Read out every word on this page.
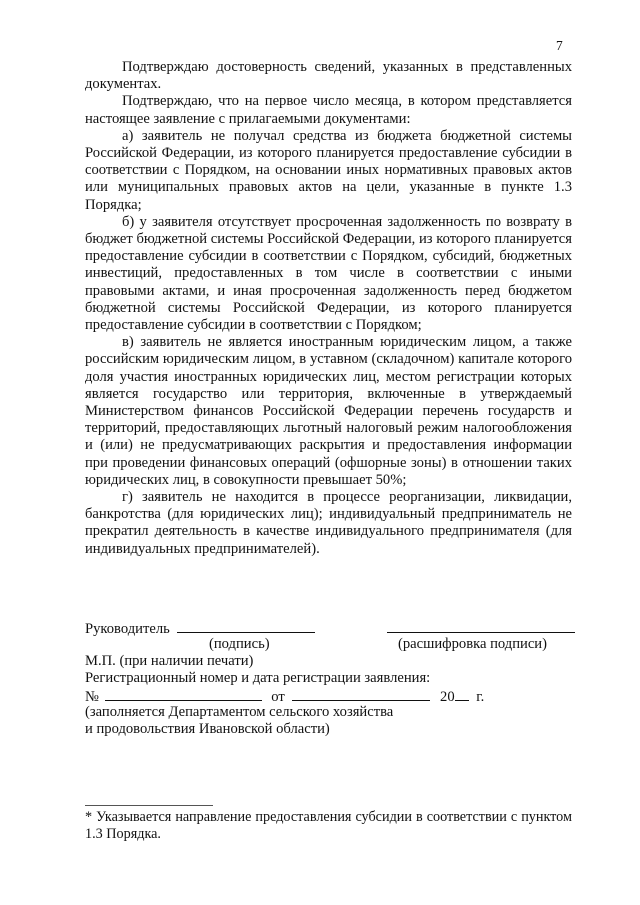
7

Подтверждаю достоверность сведений, указанных в представленных документах.

Подтверждаю, что на первое число месяца, в котором представляется настоящее заявление с прилагаемыми документами:

а) заявитель не получал средства из бюджета бюджетной системы Российской Федерации, из которого планируется предоставление субсидии в соответствии с Порядком, на основании иных нормативных правовых актов или муниципальных правовых актов на цели, указанные в пункте 1.3 Порядка;

б) у заявителя отсутствует просроченная задолженность по возврату в бюджет бюджетной системы Российской Федерации, из которого планируется предоставление субсидии в соответствии с Порядком, субсидий, бюджетных инвестиций, предоставленных в том числе в соответствии с иными правовыми актами, и иная просроченная задолженность перед бюджетом бюджетной системы Российской Федерации, из которого планируется предоставление субсидии в соответствии с Порядком;

в) заявитель не является иностранным юридическим лицом, а также российским юридическим лицом, в уставном (складочном) капитале которого доля участия иностранных юридических лиц, местом регистрации которых является государство или территория, включенные в утверждаемый Министерством финансов Российской Федерации перечень государств и территорий, предоставляющих льготный налоговый режим налогообложения и (или) не предусматривающих раскрытия и предоставления информации при проведении финансовых операций (офшорные зоны) в отношении таких юридических лиц, в совокупности превышает 50%;

г) заявитель не находится в процессе реорганизации, ликвидации, банкротства (для юридических лиц); индивидуальный предприниматель не прекратил деятельность в качестве индивидуального предпринимателя (для индивидуальных предпринимателей).

Руководитель
(подпись)	(расшифровка подписи)
М.П. (при наличии печати)
Регистрационный номер и дата регистрации заявления:
№	от	20 г.
(заполняется Департаментом сельского хозяйства
и продовольствия Ивановской области)
* Указывается направление предоставления субсидии в соответствии с пунктом 1.3 Порядка.
